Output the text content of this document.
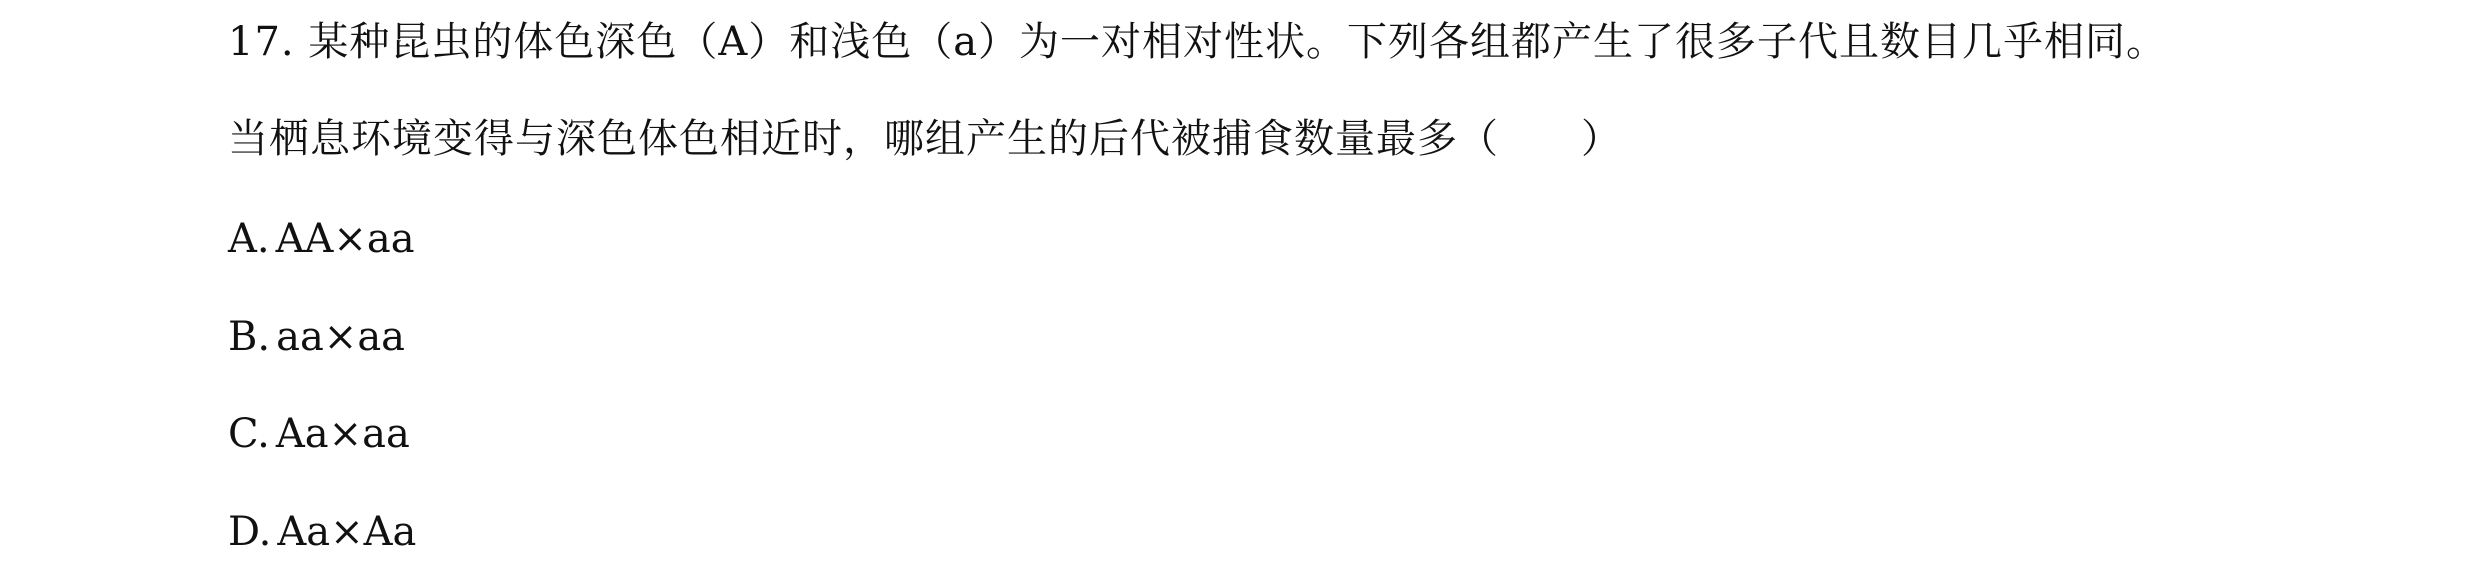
17. 某种昆虫的体色深色（A）和浅色（a）为一对相对性状。下列各组都产生了很多子代且数目几乎相同。
当栖息环境变得与深色体色相近时，哪组产生的后代被捕食数量最多（　　）
A. AA×aa
B. aa×aa
C. Aa×aa
D. Aa×Aa
